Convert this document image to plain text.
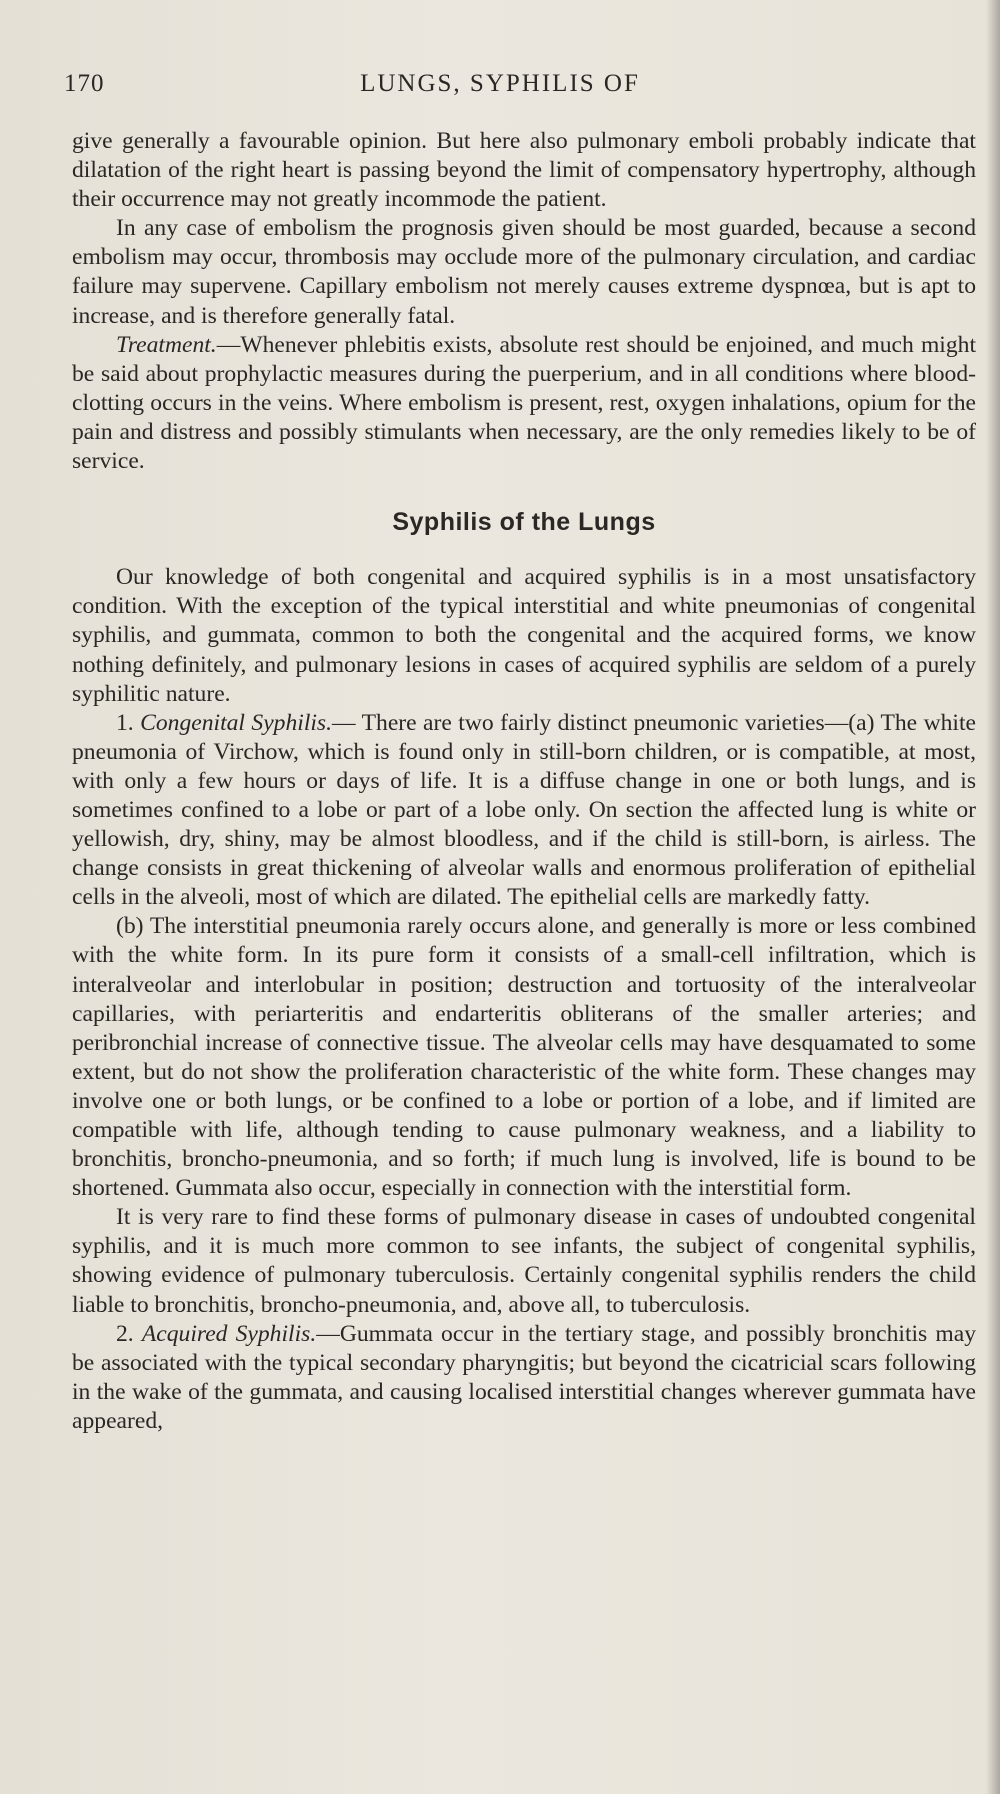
170	LUNGS, SYPHILIS OF

give generally a favourable opinion. But here also pulmonary emboli probably indicate that dilatation of the right heart is passing beyond the limit of compensatory hypertrophy, although their occurrence may not greatly incommode the patient.

In any case of embolism the prognosis given should be most guarded, because a second embolism may occur, thrombosis may occlude more of the pulmonary circulation, and cardiac failure may supervene. Capillary embolism not merely causes extreme dyspnœa, but is apt to increase, and is therefore generally fatal.

Treatment.—Whenever phlebitis exists, absolute rest should be enjoined, and much might be said about prophylactic measures during the puerperium, and in all conditions where blood-clotting occurs in the veins. Where embolism is present, rest, oxygen inhalations, opium for the pain and distress and possibly stimulants when necessary, are the only remedies likely to be of service.

Syphilis of the Lungs

Our knowledge of both congenital and acquired syphilis is in a most unsatisfactory condition. With the exception of the typical interstitial and white pneumonias of congenital syphilis, and gummata, common to both the congenital and the acquired forms, we know nothing definitely, and pulmonary lesions in cases of acquired syphilis are seldom of a purely syphilitic nature.

1. Congenital Syphilis.— There are two fairly distinct pneumonic varieties—(a) The white pneumonia of Virchow, which is found only in still-born children, or is compatible, at most, with only a few hours or days of life. It is a diffuse change in one or both lungs, and is sometimes confined to a lobe or part of a lobe only. On section the affected lung is white or yellowish, dry, shiny, may be almost bloodless, and if the child is still-born, is airless. The change consists in great thickening of alveolar walls and enormous proliferation of epithelial cells in the alveoli, most of which are dilated. The epithelial cells are markedly fatty.

(b) The interstitial pneumonia rarely occurs alone, and generally is more or less combined with the white form. In its pure form it consists of a small-cell infiltration, which is interalveolar and interlobular in position; destruction and tortuosity of the interalveolar capillaries, with periarteritis and endarteritis obliterans of the smaller arteries; and peribronchial increase of connective tissue. The alveolar cells may have desquamated to some extent, but do not show the proliferation characteristic of the white form. These changes may involve one or both lungs, or be confined to a lobe or portion of a lobe, and if limited are compatible with life, although tending to cause pulmonary weakness, and a liability to bronchitis, broncho-pneumonia, and so forth; if much lung is involved, life is bound to be shortened. Gummata also occur, especially in connection with the interstitial form.

It is very rare to find these forms of pulmonary disease in cases of undoubted congenital syphilis, and it is much more common to see infants, the subject of congenital syphilis, showing evidence of pulmonary tuberculosis. Certainly congenital syphilis renders the child liable to bronchitis, broncho-pneumonia, and, above all, to tuberculosis.

2. Acquired Syphilis.—Gummata occur in the tertiary stage, and possibly bronchitis may be associated with the typical secondary pharyngitis; but beyond the cicatricial scars following in the wake of the gummata, and causing localised interstitial changes wherever gummata have appeared,
